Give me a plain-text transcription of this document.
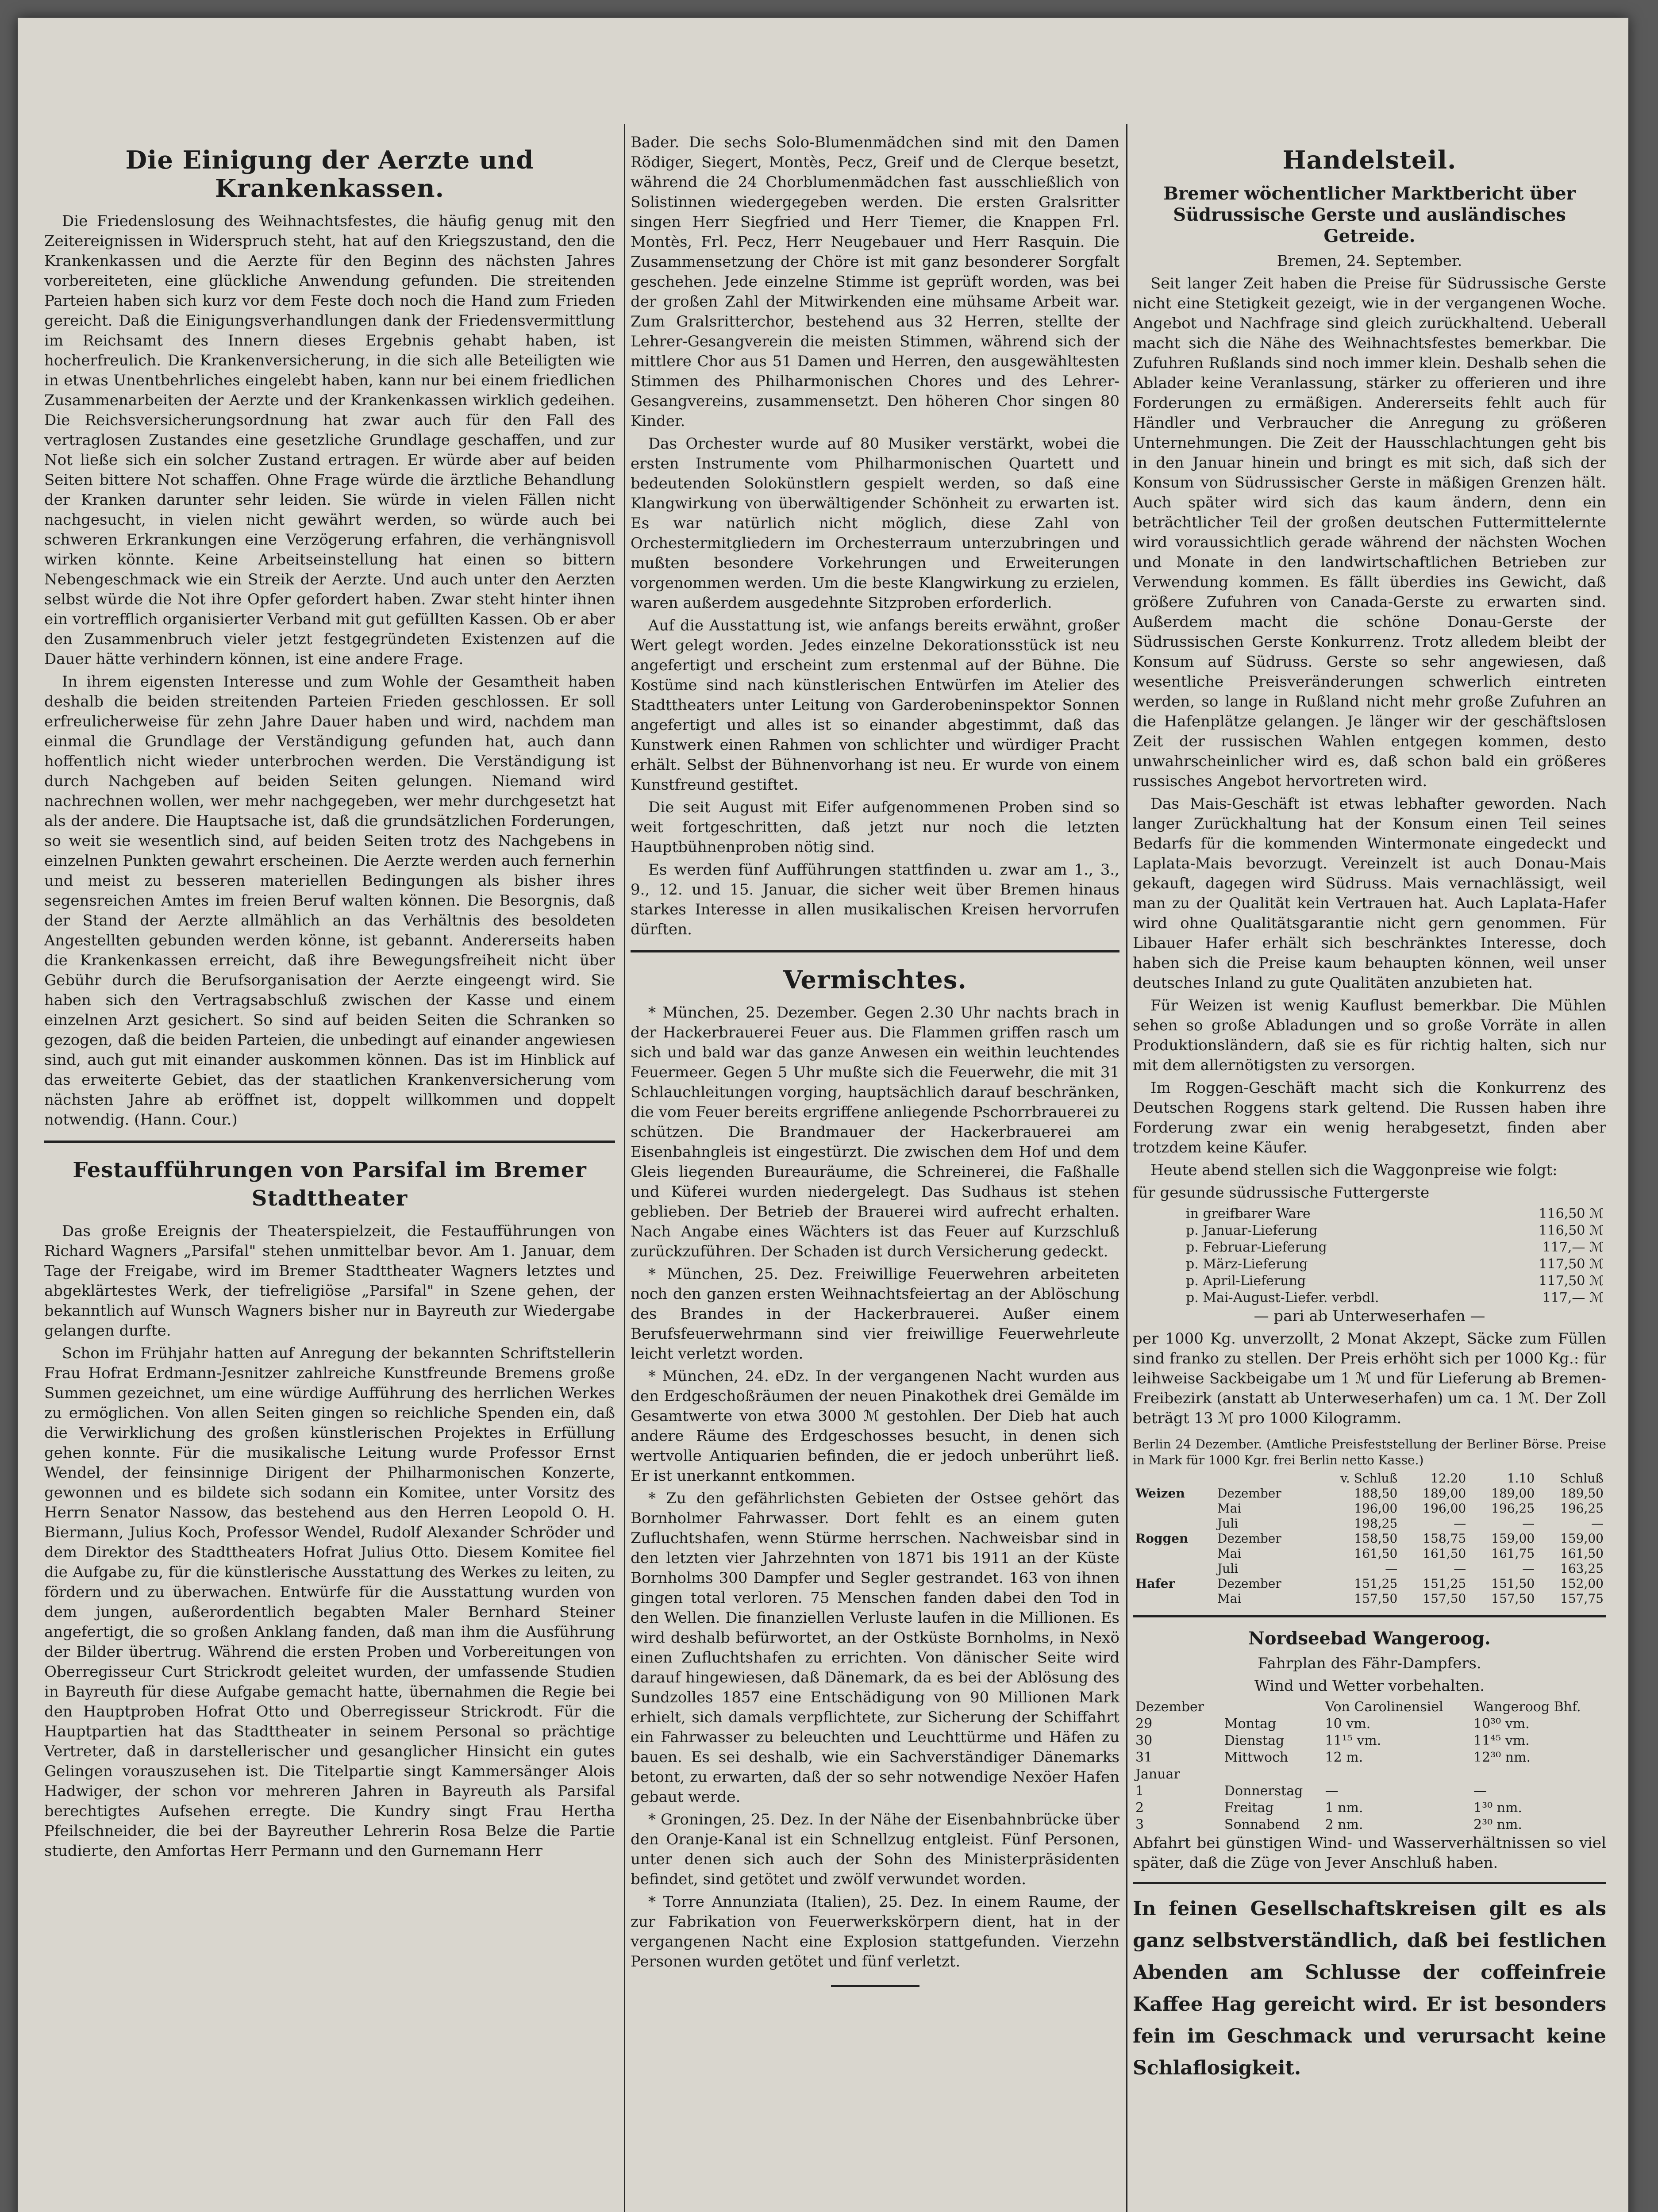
Die Einigung der Aerzte und Krankenkassen.

Die Friedenslosung des Weihnachtsfestes, die häufig genug mit den Zeitereignissen in Widerspruch steht, hat auf den Kriegszustand, den die Krankenkassen und die Aerzte für den Beginn des nächsten Jahres vorbereiteten, eine glückliche Anwendung gefunden. Die streitenden Parteien haben sich kurz vor dem Feste doch noch die Hand zum Frieden gereicht. Daß die Einigungsverhandlungen dank der Friedensvermittlung im Reichsamt des Innern dieses Ergebnis gehabt haben, ist hocherfreulich. Die Krankenversicherung, in die sich alle Beteiligten wie in etwas Unentbehrliches eingelebt haben, kann nur bei einem friedlichen Zusammenarbeiten der Aerzte und der Krankenkassen wirklich gedeihen. Die Reichsversicherungsordnung hat zwar auch für den Fall des vertraglosen Zustandes eine gesetzliche Grundlage geschaffen, und zur Not ließe sich ein solcher Zustand ertragen. Er würde aber auf beiden Seiten bittere Not schaffen. Ohne Frage würde die ärztliche Behandlung der Kranken darunter sehr leiden. Sie würde in vielen Fällen nicht nachgesucht, in vielen nicht gewährt werden, so würde auch bei schweren Erkrankungen eine Verzögerung erfahren, die verhängnisvoll wirken könnte. Keine Arbeitseinstellung hat einen so bittern Nebengeschmack wie ein Streik der Aerzte. Und auch unter den Aerzten selbst würde die Not ihre Opfer gefordert haben. Zwar steht hinter ihnen ein vortrefflich organisierter Verband mit gut gefüllten Kassen. Ob er aber den Zusammenbruch vieler jetzt festgegründeten Existenzen auf die Dauer hätte verhindern können, ist eine andere Frage.

In ihrem eigensten Interesse und zum Wohle der Gesamtheit haben deshalb die beiden streitenden Parteien Frieden geschlossen. Er soll erfreulicherweise für zehn Jahre Dauer haben und wird, nachdem man einmal die Grundlage der Verständigung gefunden hat, auch dann hoffentlich nicht wieder unterbrochen werden. Die Verständigung ist durch Nachgeben auf beiden Seiten gelungen. Niemand wird nachrechnen wollen, wer mehr nachgegeben, wer mehr durchgesetzt hat als der andere. Die Hauptsache ist, daß die grundsätzlichen Forderungen, so weit sie wesentlich sind, auf beiden Seiten trotz des Nachgebens in einzelnen Punkten gewahrt erscheinen. Die Aerzte werden auch fernerhin und meist zu besseren materiellen Bedingungen als bisher ihres segensreichen Amtes im freien Beruf walten können. Die Besorgnis, daß der Stand der Aerzte allmählich an das Verhältnis des besoldeten Angestellten gebunden werden könne, ist gebannt. Andererseits haben die Krankenkassen erreicht, daß ihre Bewegungsfreiheit nicht über Gebühr durch die Berufsorganisation der Aerzte eingeengt wird. Sie haben sich den Vertragsabschluß zwischen der Kasse und einem einzelnen Arzt gesichert. So sind auf beiden Seiten die Schranken so gezogen, daß die beiden Parteien, die unbedingt auf einander angewiesen sind, auch gut mit einander auskommen können. Das ist im Hinblick auf das erweiterte Gebiet, das der staatlichen Krankenversicherung vom nächsten Jahre ab eröffnet ist, doppelt willkommen und doppelt notwendig. (Hann. Cour.)

Festaufführungen von Parsifal im Bremer Stadttheater

Das große Ereignis der Theaterspielzeit, die Festaufführungen von Richard Wagners „Parsifal" stehen unmittelbar bevor. Am 1. Januar, dem Tage der Freigabe, wird im Bremer Stadttheater Wagners letztes und abgeklärtestes Werk, der tiefreligiöse „Parsifal" in Szene gehen, der bekanntlich auf Wunsch Wagners bisher nur in Bayreuth zur Wiedergabe gelangen durfte.

Schon im Frühjahr hatten auf Anregung der bekannten Schriftstellerin Frau Hofrat Erdmann-Jesnitzer zahlreiche Kunstfreunde Bremens große Summen gezeichnet, um eine würdige Aufführung des herrlichen Werkes zu ermöglichen. Von allen Seiten gingen so reichliche Spenden ein, daß die Verwirklichung des großen künstlerischen Projektes in Erfüllung gehen konnte. Für die musikalische Leitung wurde Professor Ernst Wendel, der feinsinnige Dirigent der Philharmonischen Konzerte, gewonnen und es bildete sich sodann ein Komitee, unter Vorsitz des Herrn Senator Nassow, das bestehend aus den Herren Leopold O. H. Biermann, Julius Koch, Professor Wendel, Rudolf Alexander Schröder und dem Direktor des Stadttheaters Hofrat Julius Otto. Diesem Komitee fiel die Aufgabe zu, für die künstlerische Ausstattung des Werkes zu leiten, zu fördern und zu überwachen. Entwürfe für die Ausstattung wurden von dem jungen, außerordentlich begabten Maler Bernhard Steiner angefertigt, die so großen Anklang fanden, daß man ihm die Ausführung der Bilder übertrug. Während die ersten Proben und Vorbereitungen von Oberregisseur Curt Strickrodt geleitet wurden, der umfassende Studien in Bayreuth für diese Aufgabe gemacht hatte, übernahmen die Regie bei den Hauptproben Hofrat Otto und Oberregisseur Strickrodt. Für die Hauptpartien hat das Stadttheater in seinem Personal so prächtige Vertreter, daß in darstellerischer und gesanglicher Hinsicht ein gutes Gelingen vorauszusehen ist. Die Titelpartie singt Kammersänger Alois Hadwiger, der schon vor mehreren Jahren in Bayreuth als Parsifal berechtigtes Aufsehen erregte. Die Kundry singt Frau Hertha Pfeilschneider, die bei der Bayreuther Lehrerin Rosa Belze die Partie studierte, den Amfortas Herr Permann und den Gurnemann Herr

Bader. Die sechs Solo-Blumenmädchen sind mit den Damen Rödiger, Siegert, Montès, Pecz, Greif und de Clerque besetzt, während die 24 Chorblumenmädchen fast ausschließlich von Solistinnen wiedergegeben werden. Die ersten Gralsritter singen Herr Siegfried und Herr Tiemer, die Knappen Frl. Montès, Frl. Pecz, Herr Neugebauer und Herr Rasquin. Die Zusammensetzung der Chöre ist mit ganz besonderer Sorgfalt geschehen. Jede einzelne Stimme ist geprüft worden, was bei der großen Zahl der Mitwirkenden eine mühsame Arbeit war. Zum Gralsritterchor, bestehend aus 32 Herren, stellte der Lehrer-Gesangverein die meisten Stimmen, während sich der mittlere Chor aus 51 Damen und Herren, den ausgewähltesten Stimmen des Philharmonischen Chores und des Lehrer-Gesangvereins, zusammensetzt. Den höheren Chor singen 80 Kinder.

Das Orchester wurde auf 80 Musiker verstärkt, wobei die ersten Instrumente vom Philharmonischen Quartett und bedeutenden Solokünstlern gespielt werden, so daß eine Klangwirkung von überwältigender Schönheit zu erwarten ist. Es war natürlich nicht möglich, diese Zahl von Orchestermitgliedern im Orchesterraum unterzubringen und mußten besondere Vorkehrungen und Erweiterungen vorgenommen werden. Um die beste Klangwirkung zu erzielen, waren außerdem ausgedehnte Sitzproben erforderlich.

Auf die Ausstattung ist, wie anfangs bereits erwähnt, großer Wert gelegt worden. Jedes einzelne Dekorationsstück ist neu angefertigt und erscheint zum erstenmal auf der Bühne. Die Kostüme sind nach künstlerischen Entwürfen im Atelier des Stadttheaters unter Leitung von Garderobeninspektor Sonnen angefertigt und alles ist so einander abgestimmt, daß das Kunstwerk einen Rahmen von schlichter und würdiger Pracht erhält. Selbst der Bühnenvorhang ist neu. Er wurde von einem Kunstfreund gestiftet.

Die seit August mit Eifer aufgenommenen Proben sind so weit fortgeschritten, daß jetzt nur noch die letzten Hauptbühnenproben nötig sind.

Es werden fünf Aufführungen stattfinden u. zwar am 1., 3., 9., 12. und 15. Januar, die sicher weit über Bremen hinaus starkes Interesse in allen musikalischen Kreisen hervorrufen dürften.

Vermischtes.

* München, 25. Dezember. Gegen 2.30 Uhr nachts brach in der Hackerbrauerei Feuer aus. Die Flammen griffen rasch um sich und bald war das ganze Anwesen ein weithin leuchtendes Feuermeer. Gegen 5 Uhr mußte sich die Feuerwehr, die mit 31 Schlauchleitungen vorging, hauptsächlich darauf beschränken, die vom Feuer bereits ergriffene anliegende Pschorrbrauerei zu schützen. Die Brandmauer der Hackerbrauerei am Eisenbahngleis ist eingestürzt. Die zwischen dem Hof und dem Gleis liegenden Bureauräume, die Schreinerei, die Faßhalle und Küferei wurden niedergelegt. Das Sudhaus ist stehen geblieben. Der Betrieb der Brauerei wird aufrecht erhalten. Nach Angabe eines Wächters ist das Feuer auf Kurzschluß zurückzuführen. Der Schaden ist durch Versicherung gedeckt.

* München, 25. Dez. Freiwillige Feuerwehren arbeiteten noch den ganzen ersten Weihnachtsfeiertag an der Ablöschung des Brandes in der Hackerbrauerei. Außer einem Berufsfeuerwehrmann sind vier freiwillige Feuerwehrleute leicht verletzt worden.

* München, 24. eDz. In der vergangenen Nacht wurden aus den Erdgeschoßräumen der neuen Pinakothek drei Gemälde im Gesamtwerte von etwa 3000 ℳ gestohlen. Der Dieb hat auch andere Räume des Erdgeschosses besucht, in denen sich wertvolle Antiquarien befinden, die er jedoch unberührt ließ. Er ist unerkannt entkommen.

* Zu den gefährlichsten Gebieten der Ostsee gehört das Bornholmer Fahrwasser. Dort fehlt es an einem guten Zufluchtshafen, wenn Stürme herrschen. Nachweisbar sind in den letzten vier Jahrzehnten von 1871 bis 1911 an der Küste Bornholms 300 Dampfer und Segler gestrandet. 163 von ihnen gingen total verloren. 75 Menschen fanden dabei den Tod in den Wellen. Die finanziellen Verluste laufen in die Millionen. Es wird deshalb befürwortet, an der Ostküste Bornholms, in Nexö einen Zufluchtshafen zu errichten. Von dänischer Seite wird darauf hingewiesen, daß Dänemark, da es bei der Ablösung des Sundzolles 1857 eine Entschädigung von 90 Millionen Mark erhielt, sich damals verpflichtete, zur Sicherung der Schiffahrt ein Fahrwasser zu beleuchten und Leuchttürme und Häfen zu bauen. Es sei deshalb, wie ein Sachverständiger Dänemarks betont, zu erwarten, daß der so sehr notwendige Nexöer Hafen gebaut werde.

* Groningen, 25. Dez. In der Nähe der Eisenbahnbrücke über den Oranje-Kanal ist ein Schnellzug entgleist. Fünf Personen, unter denen sich auch der Sohn des Ministerpräsidenten befindet, sind getötet und zwölf verwundet worden.

* Torre Annunziata (Italien), 25. Dez. In einem Raume, der zur Fabrikation von Feuerwerkskörpern dient, hat in der vergangenen Nacht eine Explosion stattgefunden. Vierzehn Personen wurden getötet und fünf verletzt.

Handelsteil.
Bremer wöchentlicher Marktbericht über Südrussische Gerste und ausländisches Getreide.

Bremen, 24. September.

Seit langer Zeit haben die Preise für Südrussische Gerste nicht eine Stetigkeit gezeigt, wie in der vergangenen Woche. Angebot und Nachfrage sind gleich zurückhaltend. Ueberall macht sich die Nähe des Weihnachtsfestes bemerkbar. Die Zufuhren Rußlands sind noch immer klein. Deshalb sehen die Ablader keine Veranlassung, stärker zu offerieren und ihre Forderungen zu ermäßigen. Andererseits fehlt auch für Händler und Verbraucher die Anregung zu größeren Unternehmungen. Die Zeit der Hausschlachtungen geht bis in den Januar hinein und bringt es mit sich, daß sich der Konsum von Südrussischer Gerste in mäßigen Grenzen hält. Auch später wird sich das kaum ändern, denn ein beträchtlicher Teil der großen deutschen Futtermittelernte wird voraussichtlich gerade während der nächsten Wochen und Monate in den landwirtschaftlichen Betrieben zur Verwendung kommen. Es fällt überdies ins Gewicht, daß größere Zufuhren von Canada-Gerste zu erwarten sind. Außerdem macht die schöne Donau-Gerste der Südrussischen Gerste Konkurrenz. Trotz alledem bleibt der Konsum auf Südruss. Gerste so sehr angewiesen, daß wesentliche Preisveränderungen schwerlich eintreten werden, so lange in Rußland nicht mehr große Zufuhren an die Hafenplätze gelangen. Je länger wir der geschäftslosen Zeit der russischen Wahlen entgegen kommen, desto unwahrscheinlicher wird es, daß schon bald ein größeres russisches Angebot hervortreten wird.

Das Mais-Geschäft ist etwas lebhafter geworden. Nach langer Zurückhaltung hat der Konsum einen Teil seines Bedarfs für die kommenden Wintermonate eingedeckt und Laplata-Mais bevorzugt. Vereinzelt ist auch Donau-Mais gekauft, dagegen wird Südruss. Mais vernachlässigt, weil man zu der Qualität kein Vertrauen hat. Auch Laplata-Hafer wird ohne Qualitätsgarantie nicht gern genommen. Für Libauer Hafer erhält sich beschränktes Interesse, doch haben sich die Preise kaum behaupten können, weil unser deutsches Inland zu gute Qualitäten anzubieten hat.

Für Weizen ist wenig Kauflust bemerkbar. Die Mühlen sehen so große Abladungen und so große Vorräte in allen Produktionsländern, daß sie es für richtig halten, sich nur mit dem allernötigsten zu versorgen.

Im Roggen-Geschäft macht sich die Konkurrenz des Deutschen Roggens stark geltend. Die Russen haben ihre Forderung zwar ein wenig herabgesetzt, finden aber trotzdem keine Käufer.

Heute abend stellen sich die Waggonpreise wie folgt:

für gesunde südrussische Futtergerste

in greifbarer Ware	116,50 ℳ
p. Januar-Lieferung	116,50 ℳ
p. Februar-Lieferung	117,— ℳ
p. März-Lieferung	117,50 ℳ
p. April-Lieferung	117,50 ℳ
p. Mai-August-Liefer. verbdl.	117,— ℳ

— pari ab Unterweserhafen —

per 1000 Kg. unverzollt, 2 Monat Akzept, Säcke zum Füllen sind franko zu stellen. Der Preis erhöht sich per 1000 Kg.: für leihweise Sackbeigabe um 1 ℳ und für Lieferung ab Bremen-Freibezirk (anstatt ab Unterweserhafen) um ca. 1 ℳ. Der Zoll beträgt 13 ℳ pro 1000 Kilogramm.

Berlin 24 Dezember. (Amtliche Preisfeststellung der Berliner Börse. Preise in Mark für 1000 Kgr. frei Berlin netto Kasse.)

		v. Schluß	12.20	1.10	Schluß
Weizen	Dezember	188,50	189,00	189,00	189,50
	Mai	196,00	196,00	196,25	196,25
	Juli	198,25	—	—	—
Roggen	Dezember	158,50	158,75	159,00	159,00
	Mai	161,50	161,50	161,75	161,50
	Juli	—	—	—	163,25
Hafer	Dezember	151,25	151,25	151,50	152,00
	Mai	157,50	157,50	157,50	157,75
Nordseebad Wangeroog.

Fahrplan des Fähr-Dampfers.

Wind und Wetter vorbehalten.

Dezember		Von Carolinensiel	Wangeroog Bhf.
29	Montag	10 vm.	10³⁰ vm.
30	Dienstag	11¹⁵ vm.	11⁴⁵ vm.
31	Mittwoch	12 m.	12³⁰ nm.
Januar			
1	Donnerstag	—	—
2	Freitag	1 nm.	1³⁰ nm.
3	Sonnabend	2 nm.	2³⁰ nm.

Abfahrt bei günstigen Wind- und Wasserverhältnissen so viel später, daß die Züge von Jever Anschluß haben.

In feinen Gesellschaftskreisen gilt es als ganz selbstverständlich, daß bei festlichen Abenden am Schlusse der coffeinfreie Kaffee Hag gereicht wird. Er ist besonders fein im Geschmack und verursacht keine Schlaflosigkeit.
